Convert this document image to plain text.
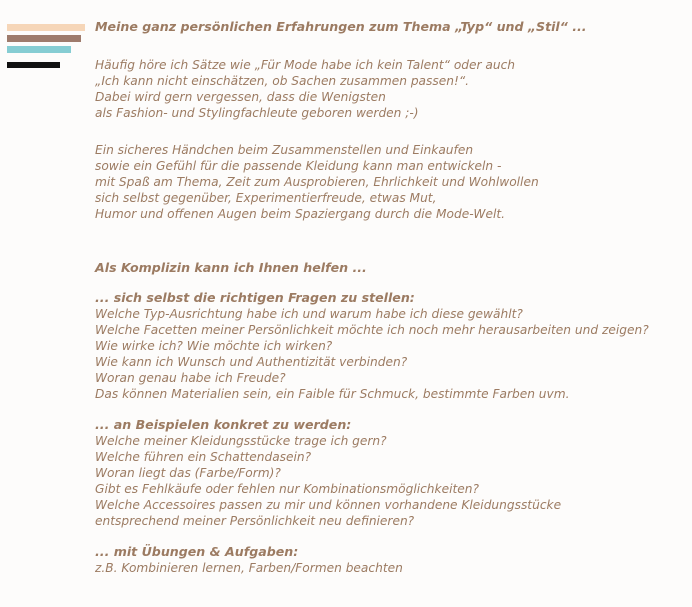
Meine ganz persönlichen Erfahrungen zum Thema „Typ“ und „Stil“ ...

Häufig höre ich Sätze wie „Für Mode habe ich kein Talent“ oder auch

„Ich kann nicht einschätzen, ob Sachen zusammen passen!“.

Dabei wird gern vergessen, dass die Wenigsten

als Fashion- und Stylingfachleute geboren werden ;-)

Ein sicheres Händchen beim Zusammenstellen und Einkaufen

sowie ein Gefühl für die passende Kleidung kann man entwickeln -

mit Spaß am Thema, Zeit zum Ausprobieren, Ehrlichkeit und Wohlwollen

sich selbst gegenüber, Experimentierfreude, etwas Mut,

Humor und offenen Augen beim Spaziergang durch die Mode-Welt.

Als Komplizin kann ich Ihnen helfen ...

... sich selbst die richtigen Fragen zu stellen:

Welche Typ-Ausrichtung habe ich und warum habe ich diese gewählt?

Welche Facetten meiner Persönlichkeit möchte ich noch mehr herausarbeiten und zeigen?

Wie wirke ich? Wie möchte ich wirken?

Wie kann ich Wunsch und Authentizität verbinden?

Woran genau habe ich Freude?

Das können Materialien sein, ein Faible für Schmuck, bestimmte Farben uvm.

... an Beispielen konkret zu werden:

Welche meiner Kleidungsstücke trage ich gern?

Welche führen ein Schattendasein?

Woran liegt das (Farbe/Form)?

Gibt es Fehlkäufe oder fehlen nur Kombinationsmöglichkeiten?

Welche Accessoires passen zu mir und können vorhandene Kleidungsstücke

entsprechend meiner Persönlichkeit neu definieren?

... mit Übungen & Aufgaben:

z.B. Kombinieren lernen, Farben/Formen beachten
